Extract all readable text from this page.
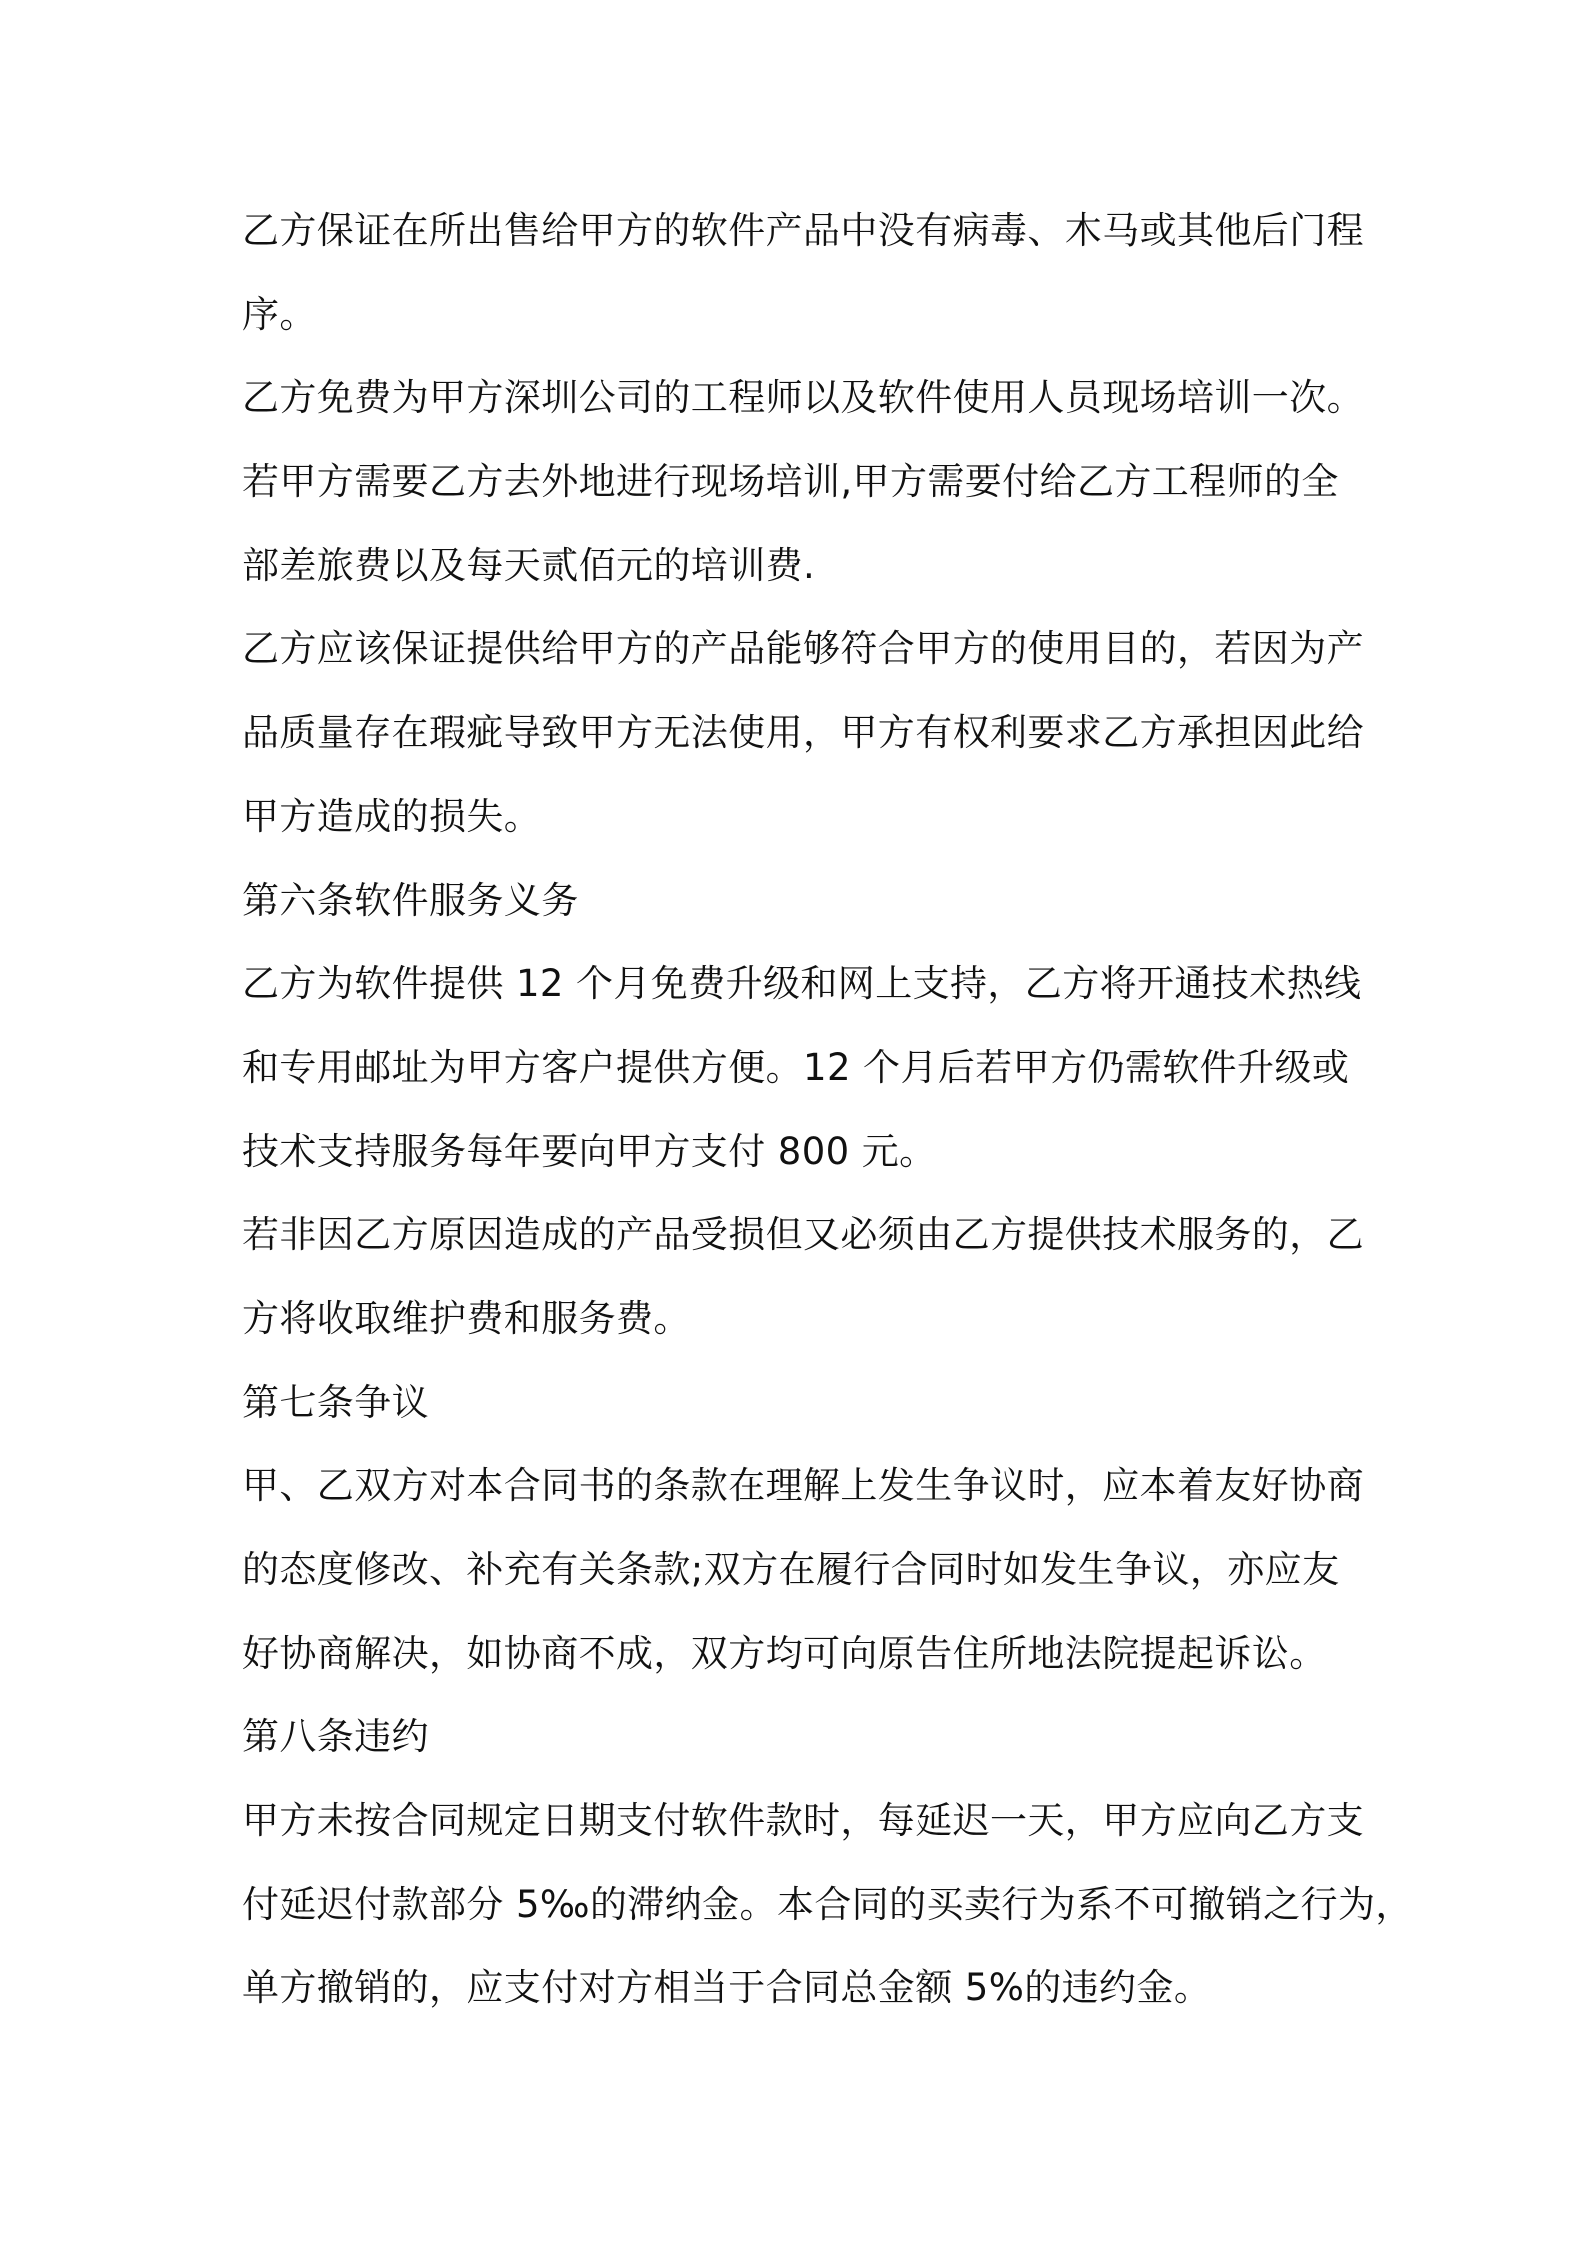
乙方保证在所出售给甲方的软件产品中没有病毒、木马或其他后门程
序。
乙方免费为甲方深圳公司的工程师以及软件使用人员现场培训一次。
若甲方需要乙方去外地进行现场培训,甲方需要付给乙方工程师的全
部差旅费以及每天贰佰元的培训费.
乙方应该保证提供给甲方的产品能够符合甲方的使用目的，若因为产
品质量存在瑕疵导致甲方无法使用，甲方有权利要求乙方承担因此给
甲方造成的损失。
第六条软件服务义务
乙方为软件提供 12 个月免费升级和网上支持，乙方将开通技术热线
和专用邮址为甲方客户提供方便。12 个月后若甲方仍需软件升级或
技术支持服务每年要向甲方支付 800 元。
若非因乙方原因造成的产品受损但又必须由乙方提供技术服务的，乙
方将收取维护费和服务费。
第七条争议
甲、乙双方对本合同书的条款在理解上发生争议时，应本着友好协商
的态度修改、补充有关条款;双方在履行合同时如发生争议，亦应友
好协商解决，如协商不成，双方均可向原告住所地法院提起诉讼。
第八条违约
甲方未按合同规定日期支付软件款时，每延迟一天，甲方应向乙方支
付延迟付款部分 5‰的滞纳金。本合同的买卖行为系不可撤销之行为，
单方撤销的，应支付对方相当于合同总金额 5%的违约金。
